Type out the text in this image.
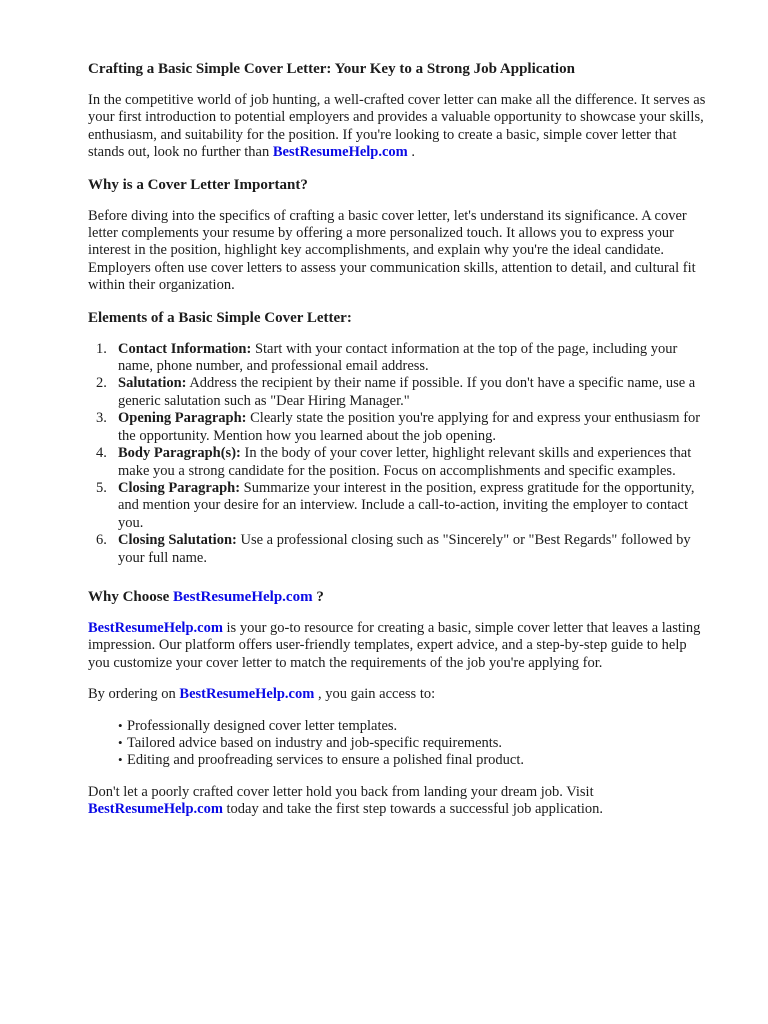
Crafting a Basic Simple Cover Letter: Your Key to a Strong Job Application

In the competitive world of job hunting, a well-crafted cover letter can make all the difference. It serves as your first introduction to potential employers and provides a valuable opportunity to showcase your skills, enthusiasm, and suitability for the position. If you're looking to create a basic, simple cover letter that stands out, look no further than BestResumeHelp.com .

Why is a Cover Letter Important?

Before diving into the specifics of crafting a basic cover letter, let's understand its significance. A cover letter complements your resume by offering a more personalized touch. It allows you to express your interest in the position, highlight key accomplishments, and explain why you're the ideal candidate. Employers often use cover letters to assess your communication skills, attention to detail, and cultural fit within their organization.

Elements of a Basic Simple Cover Letter:
1. Contact Information: Start with your contact information at the top of the page, including your name, phone number, and professional email address.
2. Salutation: Address the recipient by their name if possible. If you don't have a specific name, use a generic salutation such as "Dear Hiring Manager."
3. Opening Paragraph: Clearly state the position you're applying for and express your enthusiasm for the opportunity. Mention how you learned about the job opening.
4. Body Paragraph(s): In the body of your cover letter, highlight relevant skills and experiences that make you a strong candidate for the position. Focus on accomplishments and specific examples.
5. Closing Paragraph: Summarize your interest in the position, express gratitude for the opportunity, and mention your desire for an interview. Include a call-to-action, inviting the employer to contact you.
6. Closing Salutation: Use a professional closing such as "Sincerely" or "Best Regards" followed by your full name.
Why Choose BestResumeHelp.com ?

BestResumeHelp.com is your go-to resource for creating a basic, simple cover letter that leaves a lasting impression. Our platform offers user-friendly templates, expert advice, and a step-by-step guide to help you customize your cover letter to match the requirements of the job you're applying for.

By ordering on BestResumeHelp.com , you gain access to:

• Professionally designed cover letter templates.
• Tailored advice based on industry and job-specific requirements.
• Editing and proofreading services to ensure a polished final product.

Don't let a poorly crafted cover letter hold you back from landing your dream job. Visit BestResumeHelp.com today and take the first step towards a successful job application.
